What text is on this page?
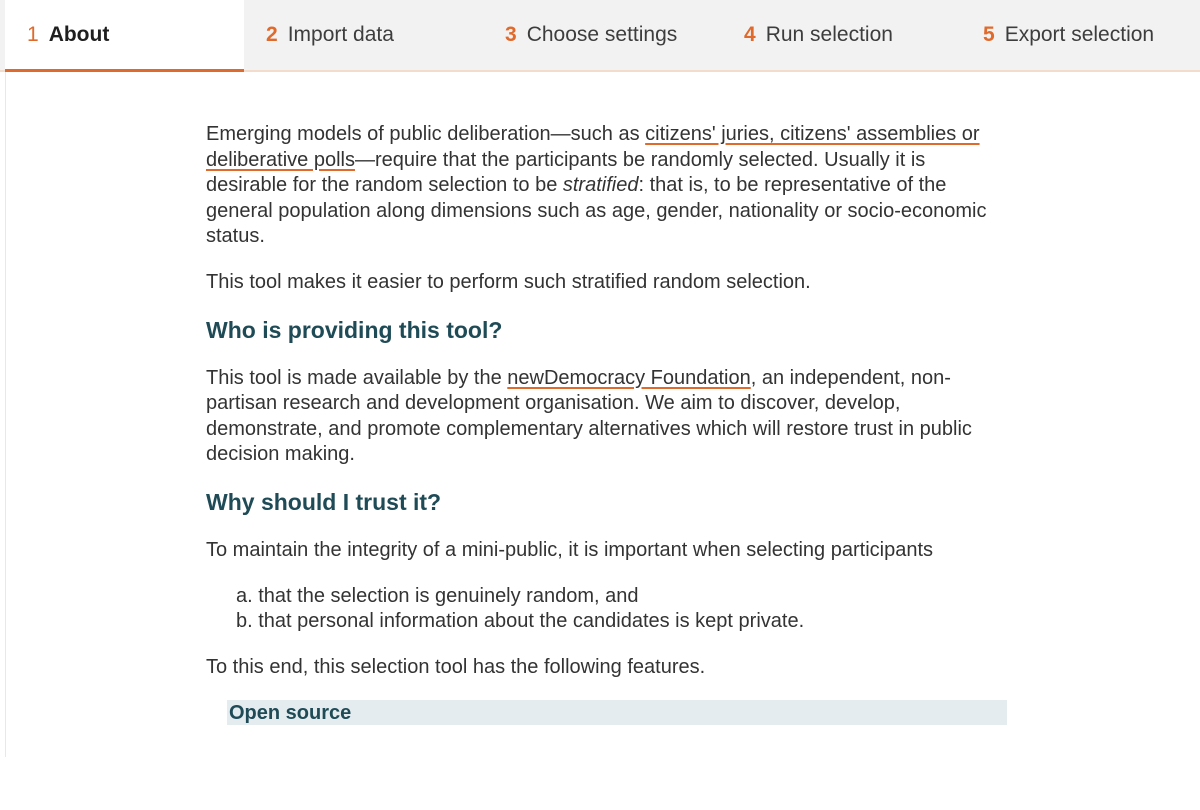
1 About	2 Import data	3 Choose settings	4 Run selection	5 Export selection

Emerging models of public deliberation—such as citizens' juries, citizens' assemblies or deliberative polls—require that the participants be randomly selected. Usually it is desirable for the random selection to be stratified: that is, to be representative of the general population along dimensions such as age, gender, nationality or socio-economic status.

This tool makes it easier to perform such stratified random selection.

Who is providing this tool?

This tool is made available by the newDemocracy Foundation, an independent, non-partisan research and development organisation. We aim to discover, develop, demonstrate, and promote complementary alternatives which will restore trust in public decision making.

Why should I trust it?

To maintain the integrity of a mini-public, it is important when selecting participants

a. that the selection is genuinely random, and
b. that personal information about the candidates is kept private.

To this end, this selection tool has the following features.

Open source
